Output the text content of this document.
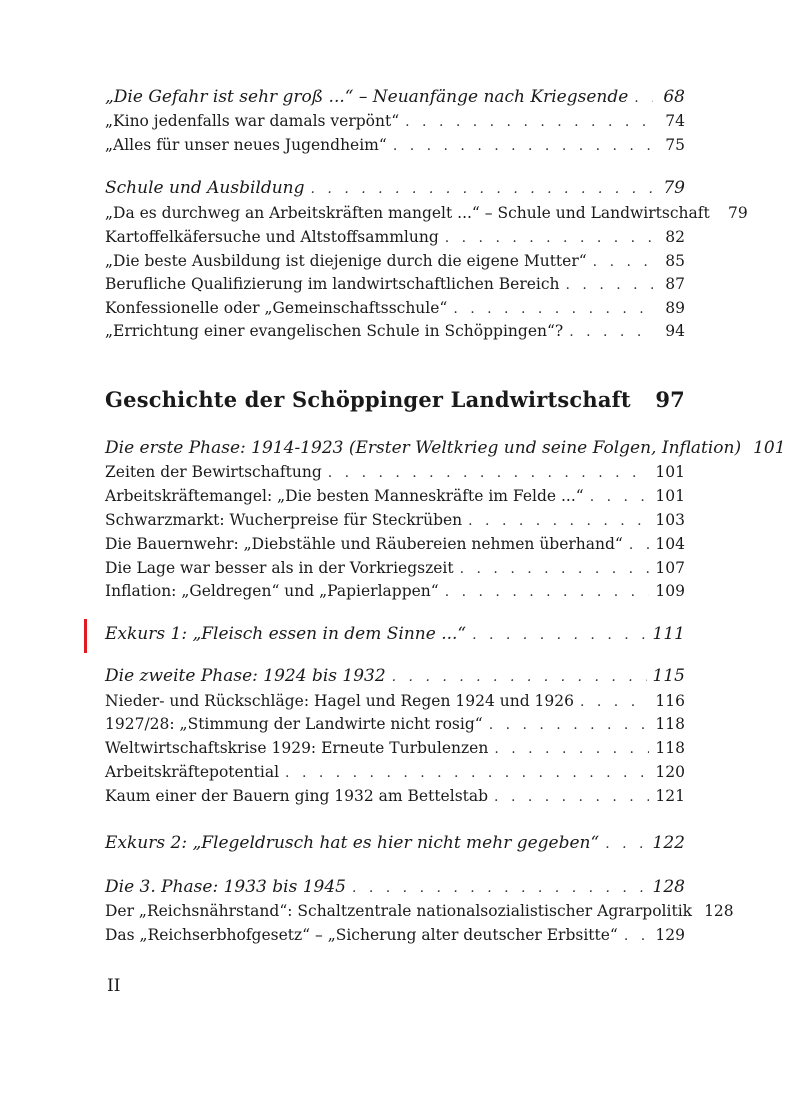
„Die Gefahr ist sehr groß ...“ – Neuanfänge nach Kriegsende . . . 68
„Kino jedenfalls war damals verpönt“ . . .	74
„Alles für unser neues Jugendheim“ . . .	75
Schule und Ausbildung . . .	79
„Da es durchweg an Arbeitskräften mangelt ...“ – Schule und Landwirtschaft	79
Kartoffelkäfersuche und Altstoffsammlung . . .	82
„Die beste Ausbildung ist diejenige durch die eigene Mutter“ . . .	85
Berufliche Qualifizierung im landwirtschaftlichen Bereich . . .	87
Konfessionelle oder „Gemeinschaftsschule“ . . .	89
„Errichtung einer evangelischen Schule in Schöppingen“? . . .	94
Geschichte der Schöppinger Landwirtschaft 97
Die erste Phase: 1914-1923 (Erster Weltkrieg und seine Folgen, Inflation) 101
Zeiten der Bewirtschaftung . . .	101
Arbeitskräftemangel: „Die besten Manneskräfte im Felde ...“ . . .	101
Schwarzmarkt: Wucherpreise für Steckrüben . . .	103
Die Bauernwehr: „Diebstähle und Räubereien nehmen überhand“ . . . 104
Die Lage war besser als in der Vorkriegszeit . . .	107
Inflation: „Geldregen“ und „Papierlappen“ . . .	109
Exkurs 1: „Fleisch essen in dem Sinne ...“ . . .	111
Die zweite Phase: 1924 bis 1932 . . .	115
Nieder- und Rückschläge: Hagel und Regen 1924 und 1926 . . .	116
1927/28: „Stimmung der Landwirte nicht rosig“ . . .	118
Weltwirtschaftskrise 1929: Erneute Turbulenzen . . .	118
Arbeitskräftepotential . . .	120
Kaum einer der Bauern ging 1932 am Bettelstab . . .	121
Exkurs 2: „Flegeldrusch hat es hier nicht mehr gegeben“ . . .	122
Die 3. Phase: 1933 bis 1945 . . .	128
Der „Reichsnährstand“: Schaltzentrale nationalsozialistischer Agrarpolitik 128
Das „Reichserbhofgesetz“ – „Sicherung alter deutscher Erbsitte“ . . . 129
II
